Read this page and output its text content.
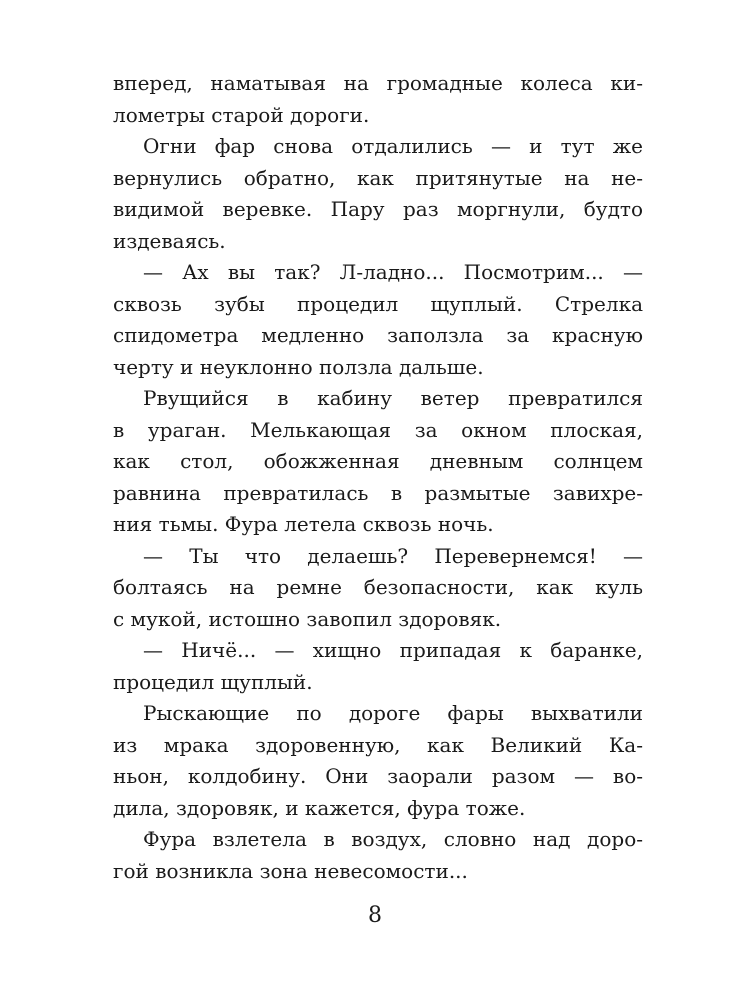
вперед, наматывая на громадные колеса ки-
лометры старой дороги.
Огни фар снова отдалились — и тут же
вернулись обратно, как притянутые на не-
видимой веревке. Пару раз моргнули, будто
издеваясь.
— Ах вы так? Л-ладно... Посмотрим... —
сквозь зубы процедил щуплый. Стрелка
спидометра медленно заползла за красную
черту и неуклонно ползла дальше.
Рвущийся в кабину ветер превратился
в ураган. Мелькающая за окном плоская,
как стол, обожженная дневным солнцем
равнина превратилась в размытые завихре-
ния тьмы. Фура летела сквозь ночь.
— Ты что делаешь? Перевернемся! —
болтаясь на ремне безопасности, как куль
с мукой, истошно завопил здоровяк.
— Ничё... — хищно припадая к баранке,
процедил щуплый.
Рыскающие по дороге фары выхватили
из мрака здоровенную, как Великий Ка-
ньон, колдобину. Они заорали разом — во-
дила, здоровяк, и кажется, фура тоже.
Фура взлетела в воздух, словно над доро-
гой возникла зона невесомости...
8
